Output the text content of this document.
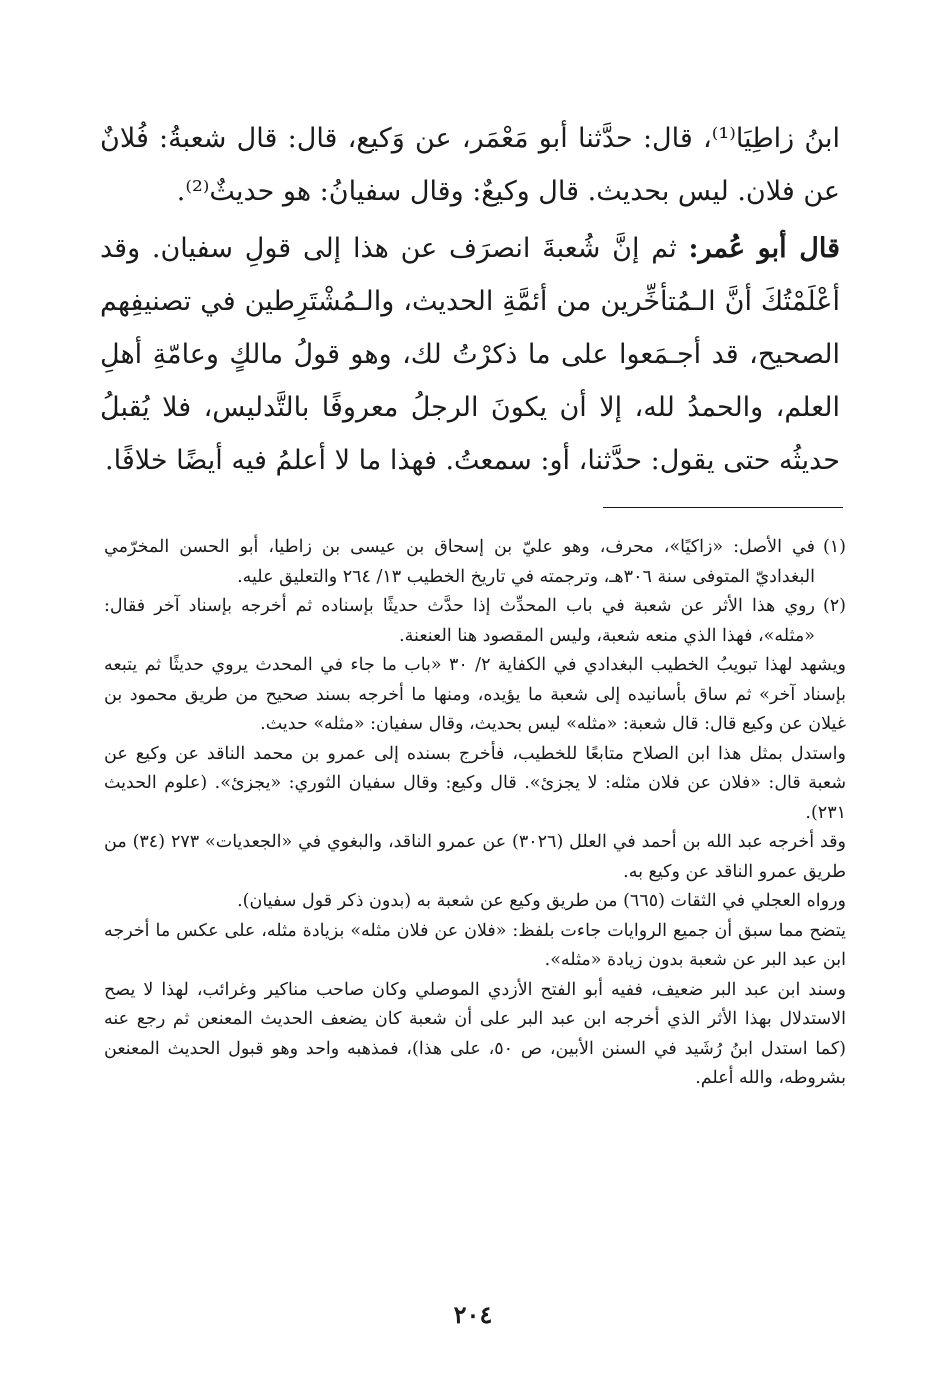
ابنُ زاطِيَا⁽¹⁾، قال: حدَّثنا أبو مَعْمَر، عن وَكيع، قال: قال شعبةُ: فُلانٌ عن فلان. ليس بحديث. قال وكيعٌ: وقال سفيانُ: هو حديثٌ⁽²⁾.

قال أبو عُمر: ثم إنَّ شُعبةَ انصرَف عن هذا إلى قولِ سفيان. وقد أعْلَمْتُكَ أنَّ الـمُتأخِّرين من أئمَّةِ الحديث، والـمُشْتَرِطين في تصنيفِهم الصحيح، قد أجـمَعوا على ما ذكرْتُ لك، وهو قولُ مالكٍ وعامّةِ أهلِ العلم، والحمدُ لله، إلا أن يكونَ الرجلُ معروفًا بالتَّدليس، فلا يُقبلُ حديثُه حتى يقول: حدَّثنا، أو: سمعتُ. فهذا ما لا أعلمُ فيه أيضًا خلافًا.

(١)
في الأصل: «زاكيًا»، محرف، وهو عليّ بن إسحاق بن عيسى بن زاطيا، أبو الحسن المخرّمي البغداديّ المتوفى سنة ٣٠٦هـ، وترجمته في تاريخ الخطيب ١٣/ ٢٦٤ والتعليق عليه.
(٢)
روي هذا الأثر عن شعبة في باب المحدِّث إذا حدَّث حديثًا بإسناده ثم أخرجه بإسناد آخر فقال: «مثله»، فهذا الذي منعه شعبة، وليس المقصود هنا العنعنة.

ويشهد لهذا تبويبُ الخطيب البغدادي في الكفاية ٢/ ٣٠ «باب ما جاء في المحدث يروي حديثًا ثم يتبعه بإسناد آخر» ثم ساق بأسانيده إلى شعبة ما يؤيده، ومنها ما أخرجه بسند صحيح من طريق محمود بن غيلان عن وكيع قال: قال شعبة: «مثله» ليس بحديث، وقال سفيان: «مثله» حديث.

واستدل بمثل هذا ابن الصلاح متابعًا للخطيب، فأخرج بسنده إلى عمرو بن محمد الناقد عن وكيع عن شعبة قال: «فلان عن فلان مثله: لا يجزئ». قال وكيع: وقال سفيان الثوري: «يجزئ». (علوم الحديث ٢٣١).

وقد أخرجه عبد الله بن أحمد في العلل (٣٠٢٦) عن عمرو الناقد، والبغوي في «الجعديات» ٢٧٣ (٣٤) من طريق عمرو الناقد عن وكيع به.

ورواه العجلي في الثقات (٦٦٥) من طريق وكيع عن شعبة به (بدون ذكر قول سفيان).

يتضح مما سبق أن جميع الروايات جاءت بلفظ: «فلان عن فلان مثله» بزيادة مثله، على عكس ما أخرجه ابن عبد البر عن شعبة بدون زيادة «مثله».

وسند ابن عبد البر ضعيف، ففيه أبو الفتح الأزدي الموصلي وكان صاحب مناكير وغرائب، لهذا لا يصح الاستدلال بهذا الأثر الذي أخرجه ابن عبد البر على أن شعبة كان يضعف الحديث المعنعن ثم رجع عنه (كما استدل ابنُ رُشَيد في السنن الأبين، ص ٥٠، على هذا)، فمذهبه واحد وهو قبول الحديث المعنعن بشروطه، والله أعلم.

٢٠٤
